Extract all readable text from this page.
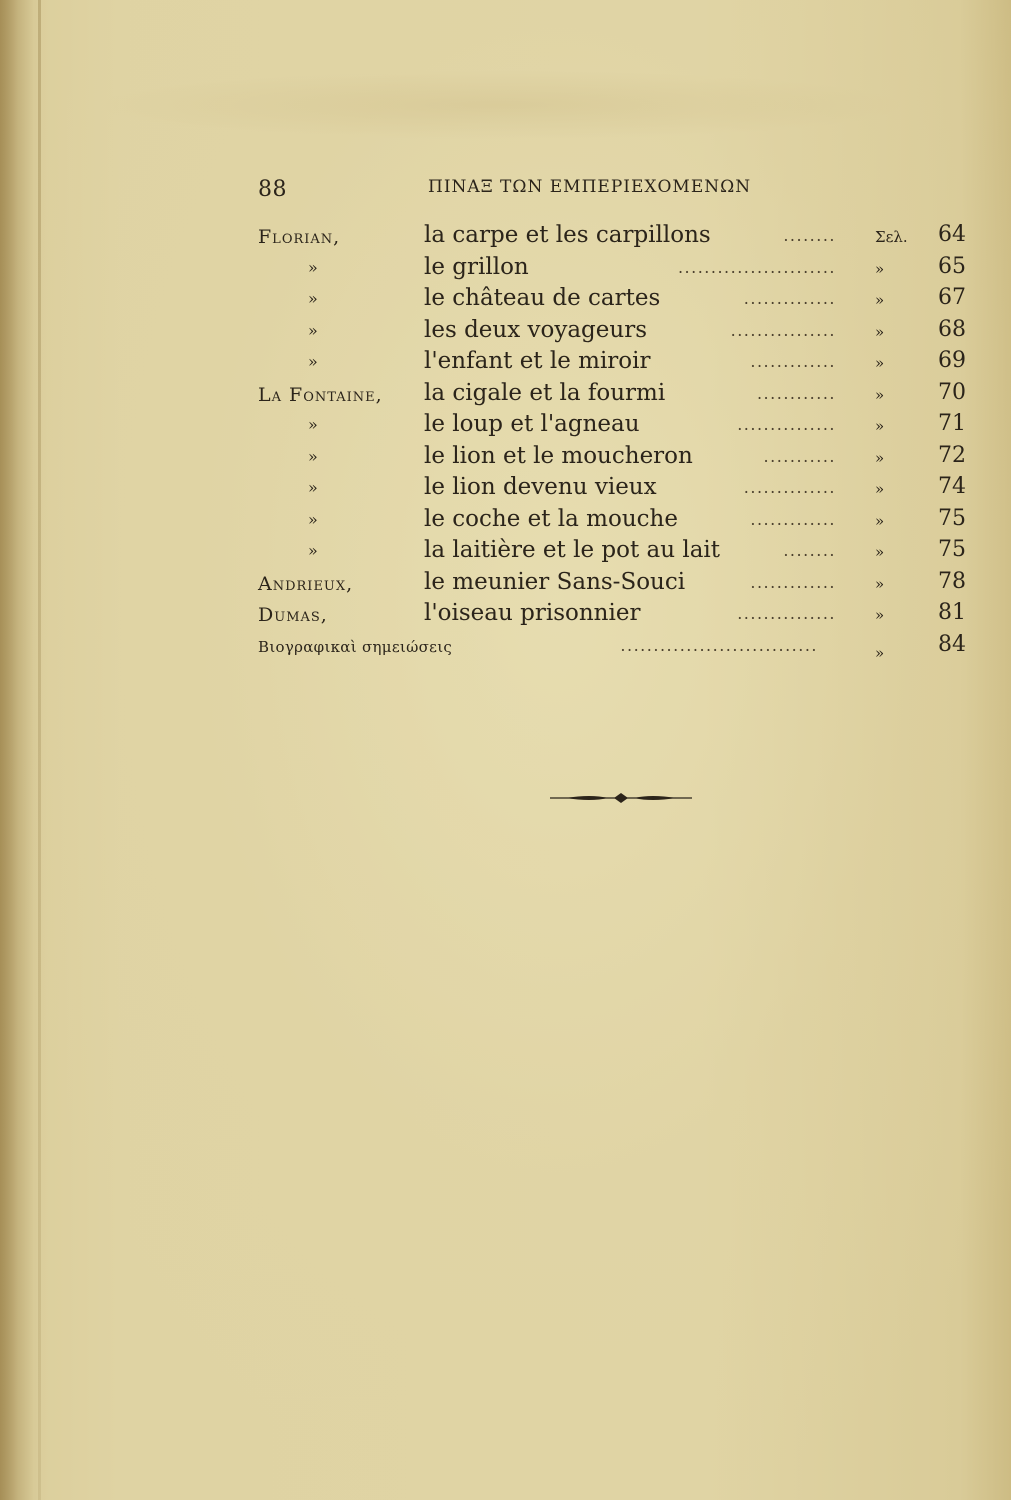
88	ΠΙΝΑΞ ΤΩΝ ΕΜΠΕΡΙΕΧΟΜΕΝΩΝ
Florian,	la carpe et les carpillons	........	Σελ. 64
»	le grillon	........................	» 65
»	le château de cartes	..............	» 67
»	les deux voyageurs	................	» 68
»	l'enfant et le miroir	.............	» 69
La Fontaine, la cigale et la fourmi	............	» 70
»	le loup et l'agneau	...............	» 71
»	le lion et le moucheron	...........	» 72
»	le lion devenu vieux	..............	» 74
»	le coche et la mouche	.............	» 75
»	la laitière et le pot au lait	........	» 75
Andrieux,	le meunier Sans-Souci	.............	» 78
Dumas,	l'oiseau prisonnier	...............	» 81
Βιογραφικαὶ σημειώσεις	..............................	» 84
